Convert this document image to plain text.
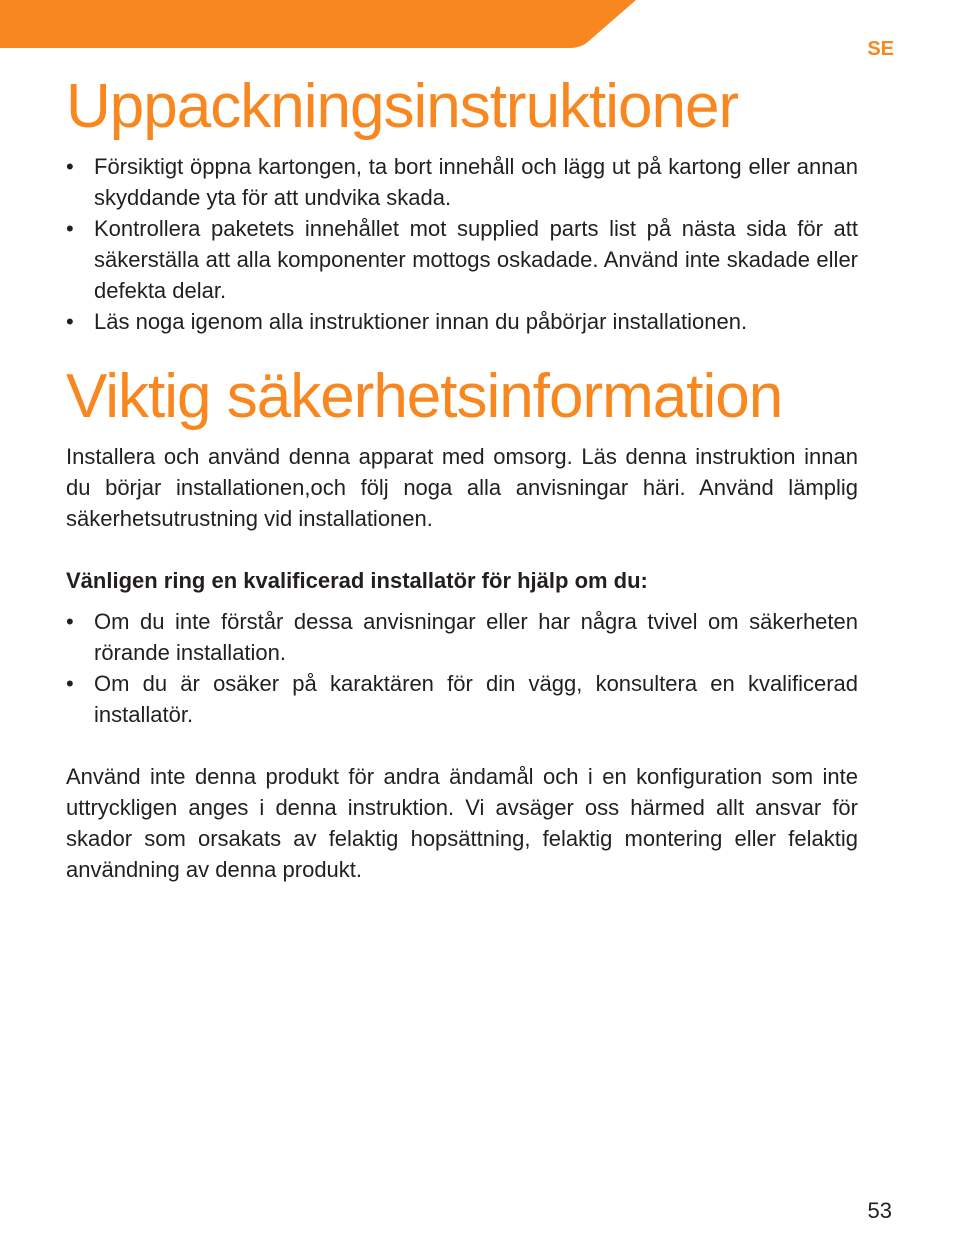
SE
Uppackningsinstruktioner
• Försiktigt öppna kartongen, ta bort innehåll och lägg ut på kartong eller annan skyddande yta för att undvika skada.
• Kontrollera paketets innehållet mot supplied parts list på nästa sida för att säkerställa att alla komponenter mottogs oskadade. Använd inte skadade eller defekta delar.
• Läs noga igenom alla instruktioner innan du påbörjar installationen.
Viktig säkerhetsinformation

Installera och använd denna apparat med omsorg. Läs denna instruktion innan du börjar installationen,och följ noga alla anvisningar häri. Använd lämplig säkerhetsutrustning vid installationen.

Vänligen ring en kvalificerad installatör för hjälp om du:

• Om du inte förstår dessa anvisningar eller har några tvivel om säkerheten rörande installation.
• Om du är osäker på karaktären för din vägg, konsultera en kvalificerad installatör.

Använd inte denna produkt för andra ändamål och i en konfiguration som inte uttryckligen anges i denna instruktion. Vi avsäger oss härmed allt ansvar för skador som orsakats av felaktig hopsättning, felaktig montering eller felaktig användning av denna produkt.

53
